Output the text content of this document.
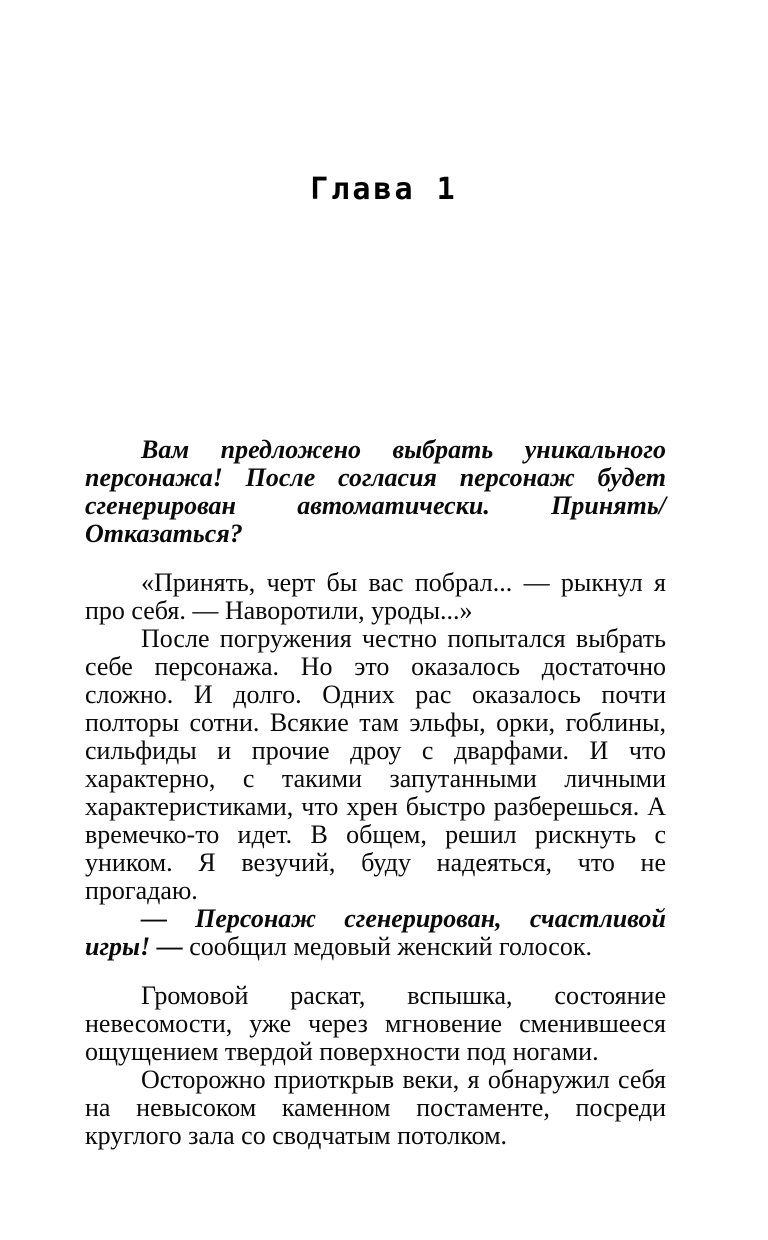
Глава 1

Вам предложено выбрать уникального персонажа! После согласия персонаж будет сгенерирован автоматически. Принять/Отказаться?

«Принять, черт бы вас побрал... — рыкнул я про себя. — Наворотили, уроды...»

После погружения честно попытался выбрать себе персонажа. Но это оказалось достаточно сложно. И долго. Одних рас оказалось почти полторы сотни. Всякие там эльфы, орки, гоблины, сильфиды и прочие дроу с дварфами. И что характерно, с такими запутанными личными характеристиками, что хрен быстро разберешься. А времечко-то идет. В общем, решил рискнуть с уником. Я везучий, буду надеяться, что не прогадаю.

— Персонаж сгенерирован, счастливой игры! — сообщил медовый женский голосок.

Громовой раскат, вспышка, состояние невесомости, уже через мгновение сменившееся ощущением твердой поверхности под ногами.

Осторожно приоткрыв веки, я обнаружил себя на невысоком каменном постаменте, посреди круглого зала со сводчатым потолком.
